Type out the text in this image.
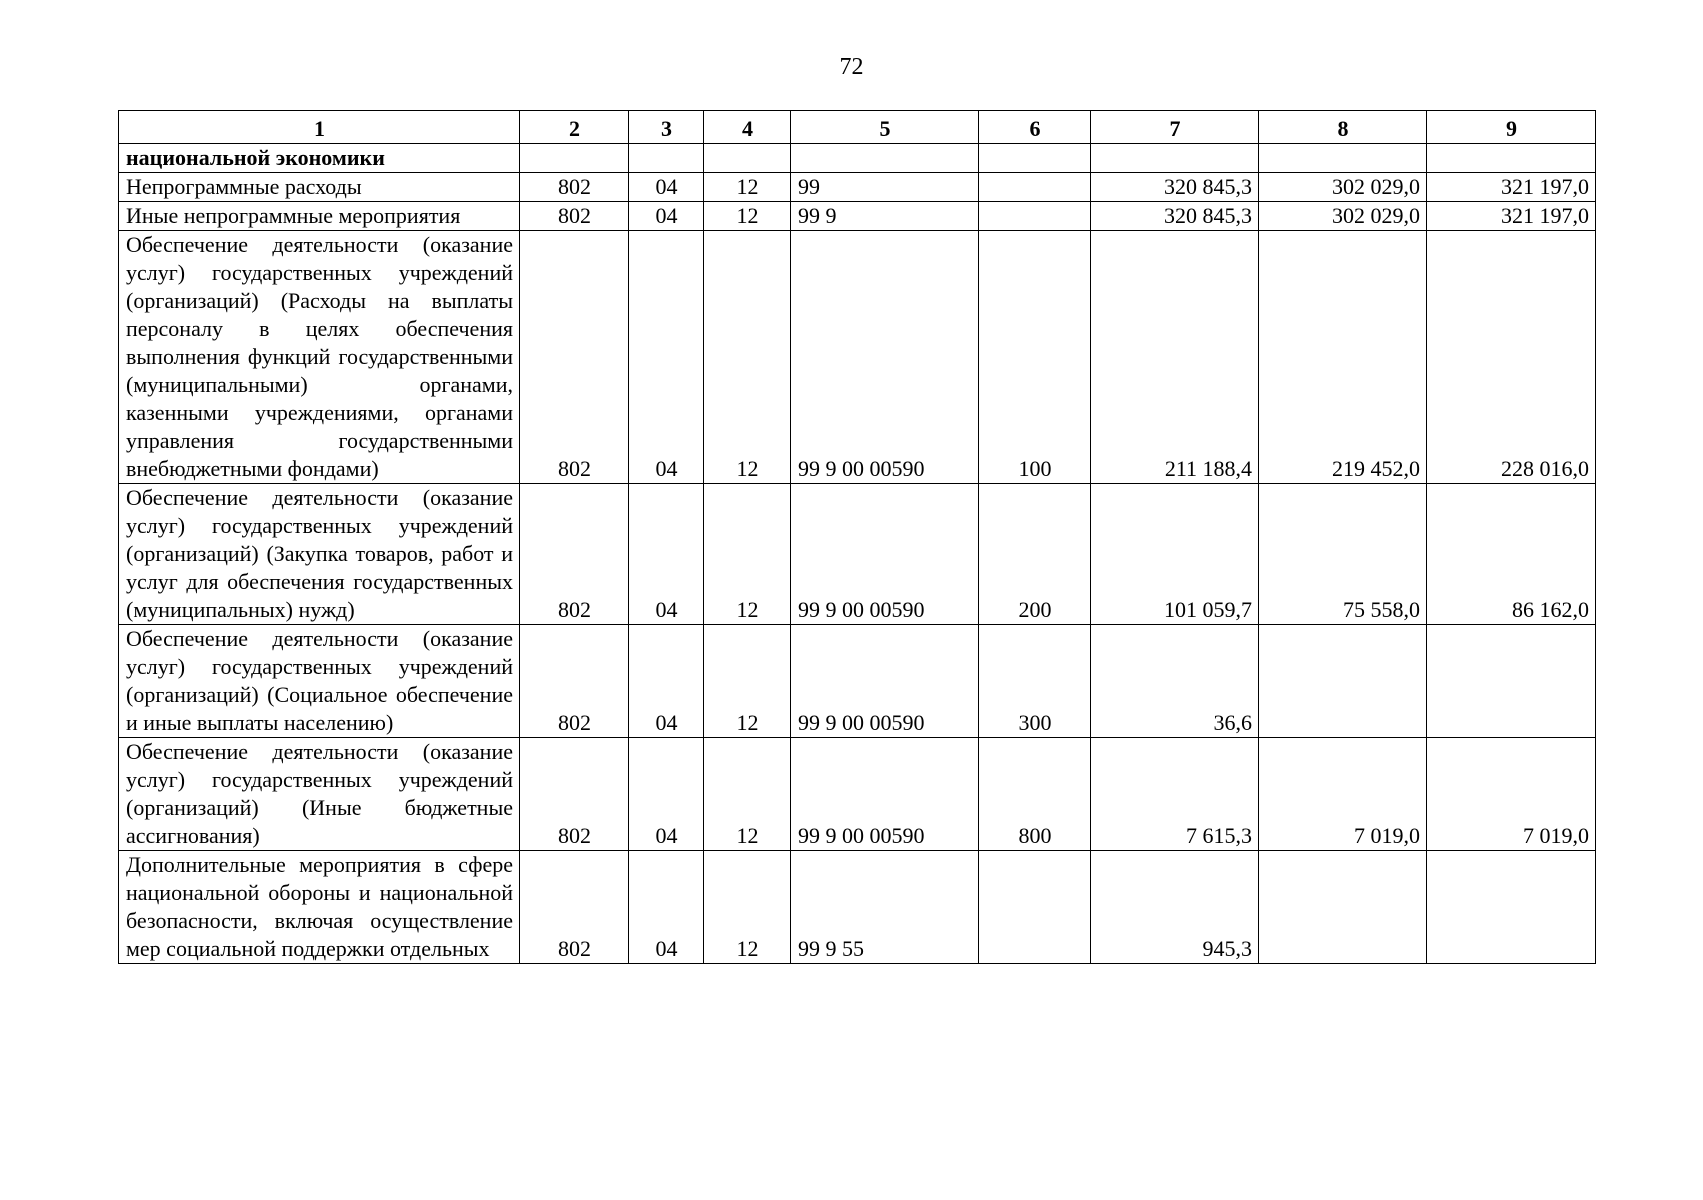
72
1	2	3	4	5	6	7	8	9
национальной экономики								
Непрограммные расходы	802	04	12	99		320 845,3	302 029,0	321 197,0
Иные непрограммные мероприятия	802	04	12	99 9		320 845,3	302 029,0	321 197,0
Обеспечение деятельности (оказание услуг) государственных учреждений (организаций) (Расходы на выплаты персоналу в целях обеспечения выполнения функций государственными (муниципальными) органами, казенными учреждениями, органами управления государственными внебюджетными фондами)	802	04	12	99 9 00 00590	100	211 188,4	219 452,0	228 016,0
Обеспечение деятельности (оказание услуг) государственных учреждений (организаций) (Закупка товаров, работ и услуг для обеспечения государственных (муниципальных) нужд)	802	04	12	99 9 00 00590	200	101 059,7	75 558,0	86 162,0
Обеспечение деятельности (оказание услуг) государственных учреждений (организаций) (Социальное обеспечение и иные выплаты населению)	802	04	12	99 9 00 00590	300	36,6		
Обеспечение деятельности (оказание услуг) государственных учреждений (организаций) (Иные бюджетные ассигнования)	802	04	12	99 9 00 00590	800	7 615,3	7 019,0	7 019,0
Дополнительные мероприятия в сфере национальной обороны и национальной безопасности, включая осуществление мер социальной поддержки отдельных	802	04	12	99 9 55		945,3		
